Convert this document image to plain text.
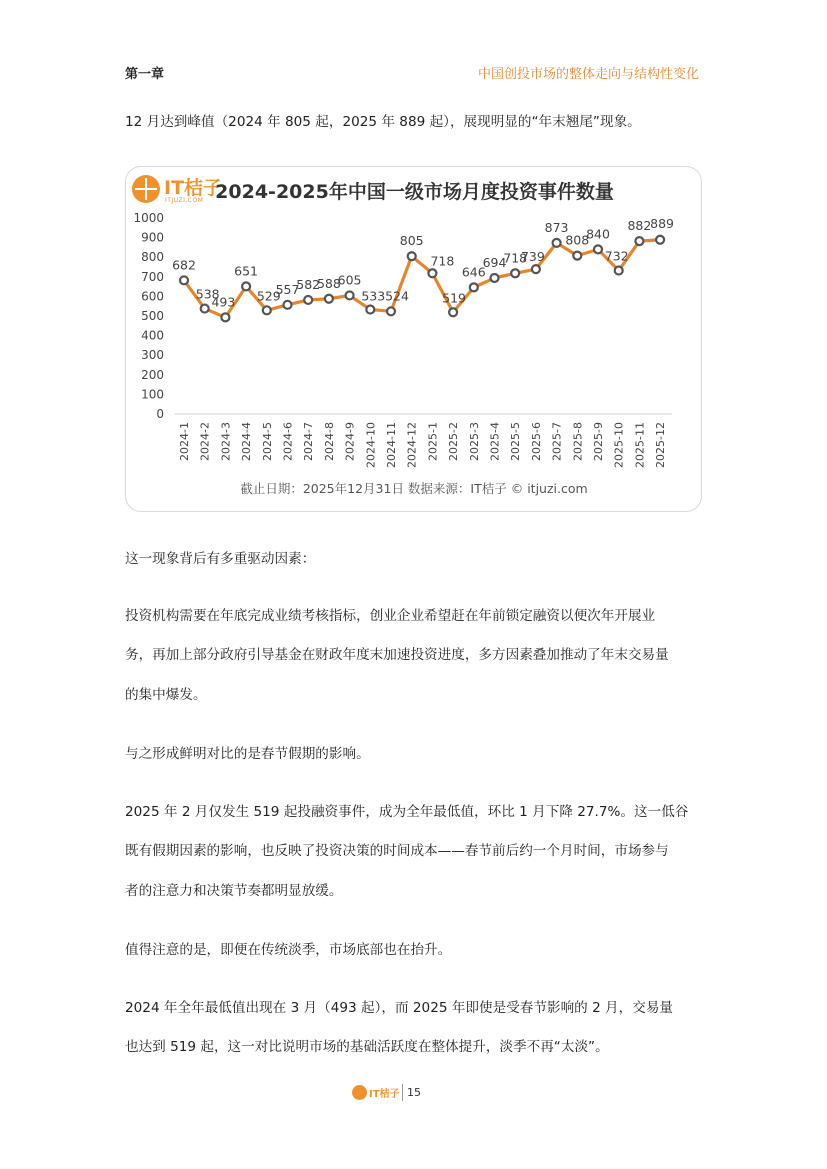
第一章	中国创投市场的整体走向与结构性变化
12 月达到峰值（2024 年 805 起，2025 年 889 起），展现明显的“年末翘尾”现象。
IT桔子
ITJUZI.COM 2024-2025年中国一级市场月度投资事件数量
0
100
200
300
400
500
600
700
800
900
1000
2024-1 2024-2 2024-3 2024-4 2024-5 2024-6 2024-7 2024-8 2024-9 2024-10 2024-11 2024-12 2025-1 2025-2 2025-3 2025-4 2025-5 2025-6 2025-7 2025-8 2025-9 2025-10 2025-11 2025-12
682
538
493
651
529
557
582
588
605
533 524
805
718
519
646
694
718
739
873
808
840
732
882
889
截止日期：2025年12月31日 数据来源：IT桔子 © itjuzi.com
这一现象背后有多重驱动因素：
投资机构需要在年底完成业绩考核指标，创业企业希望赶在年前锁定融资以便次年开展业
务，再加上部分政府引导基金在财政年度末加速投资进度，多方因素叠加推动了年末交易量
的集中爆发。
与之形成鲜明对比的是春节假期的影响。
2025 年 2 月仅发生 519 起投融资事件，成为全年最低值，环比 1 月下降 27.7%。这一低谷
既有假期因素的影响，也反映了投资决策的时间成本——春节前后约一个月时间，市场参与
者的注意力和决策节奏都明显放缓。
值得注意的是，即便在传统淡季，市场底部也在抬升。
2024 年全年最低值出现在 3 月（493 起），而 2025 年即使是受春节影响的 2 月，交易量
也达到 519 起，这一对比说明市场的基础活跃度在整体提升，淡季不再“太淡”。
IT桔子 15
